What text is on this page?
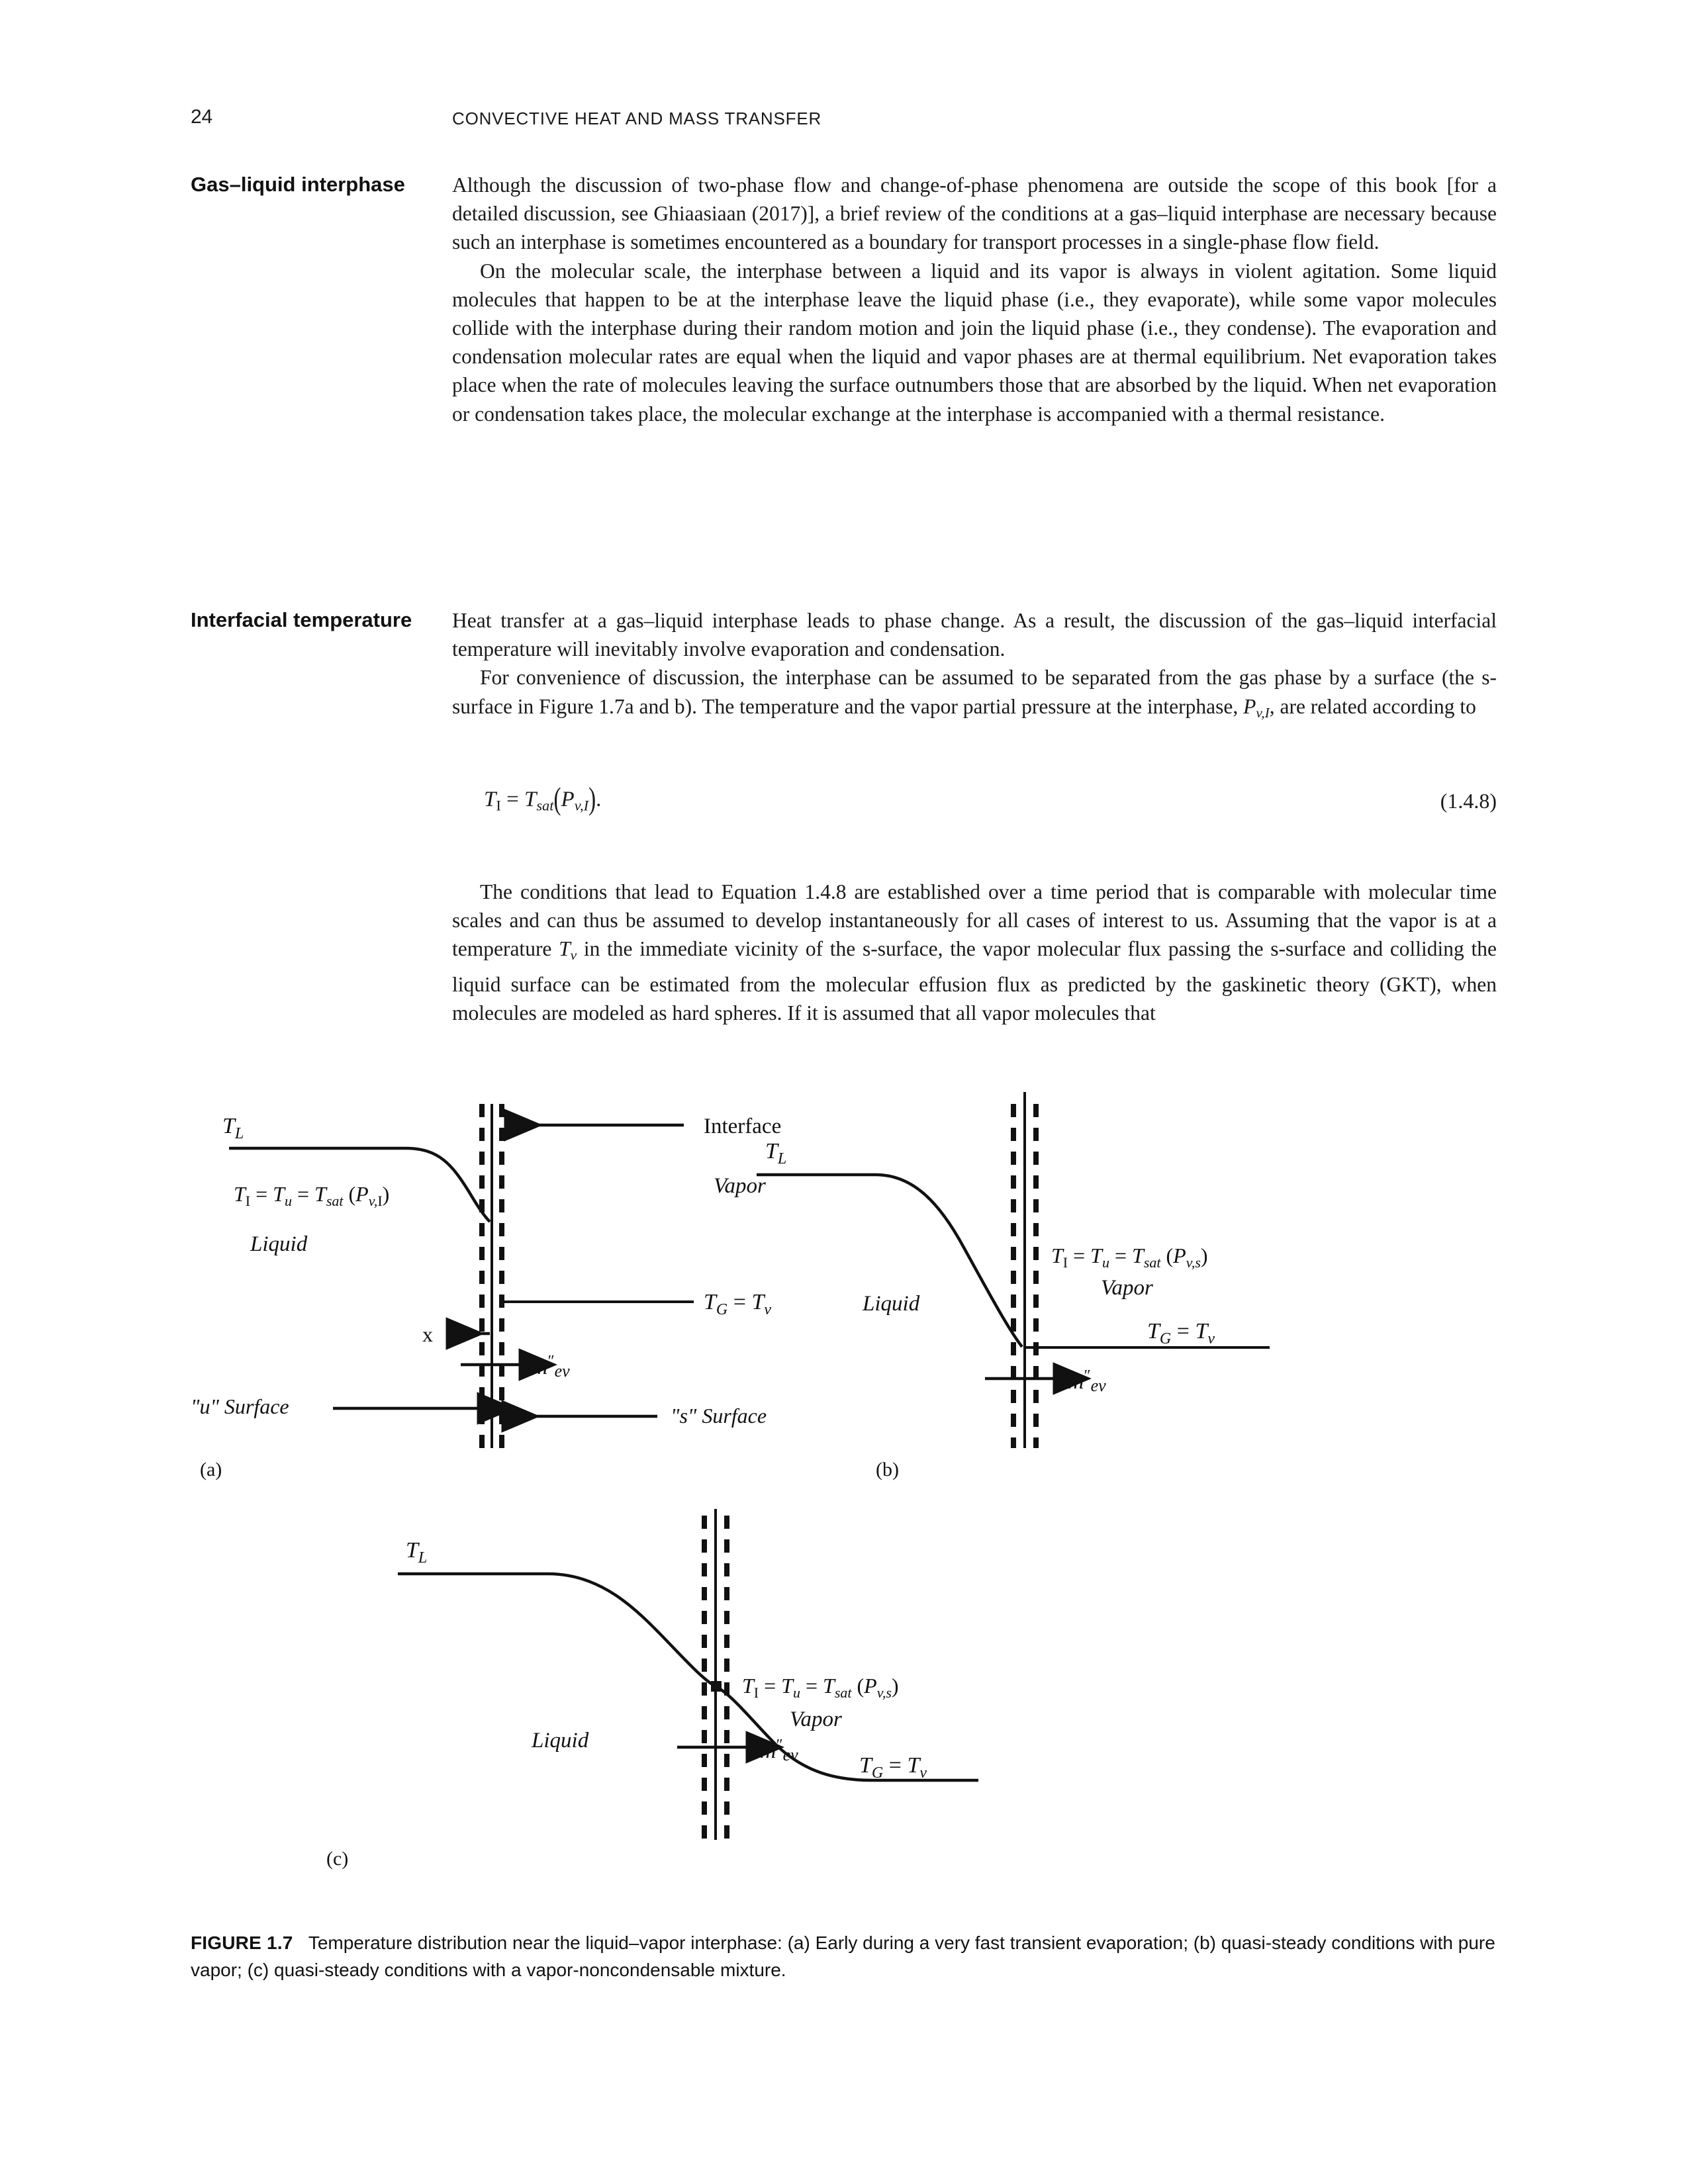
24	CONVECTIVE HEAT AND MASS TRANSFER
Gas–liquid interphase
Interfacial temperature

Although the discussion of two-phase flow and change-of-phase phenomena are outside the scope of this book [for a detailed discussion, see Ghiaasiaan (2017)], a brief review of the conditions at a gas–liquid interphase are necessary because such an interphase is sometimes encountered as a boundary for transport processes in a single-phase flow field.

On the molecular scale, the interphase between a liquid and its vapor is always in violent agitation. Some liquid molecules that happen to be at the interphase leave the liquid phase (i.e., they evaporate), while some vapor molecules collide with the interphase during their random motion and join the liquid phase (i.e., they condense). The evaporation and condensation molecular rates are equal when the liquid and vapor phases are at thermal equilibrium. Net evaporation takes place when the rate of molecules leaving the surface outnumbers those that are absorbed by the liquid. When net evaporation or condensation takes place, the molecular exchange at the interphase is accompanied with a thermal resistance.

Heat transfer at a gas–liquid interphase leads to phase change. As a result, the discussion of the gas–liquid interfacial temperature will inevitably involve evaporation and condensation.

For convenience of discussion, the interphase can be assumed to be separated from the gas phase by a surface (the s-surface in Figure 1.7a and b). The temperature and the vapor partial pressure at the interphase, $P_{v,I}$, are related according to

TI = $T_{sat}(P_{v,I})$.	(1.4.8)

The conditions that lead to Equation 1.4.8 are established over a time period that is comparable with molecular time scales and can thus be assumed to develop instantaneously for all cases of interest to us. Assuming that the vapor is at a temperature $T_v$ in the immediate vicinity of the s-surface, the vapor molecular flux passing the s-surface and colliding the liquid surface can be estimated from the molecular effusion flux as predicted by the gaskinetic theory (GKT), when molecules are modeled as hard spheres. If it is assumed that all vapor molecules that

$T_L$	Interface
Vapor
$T_I = T_u = T_{sat}$ $(P_{v,}I)$
Liquid
$T_G = T_v$
x
$m''_{ev}$
"u" Surface	"s" Surface
(a)
$T_L$
$T_I = T_u = T_{sat}$ $(P_{v,s})$
Vapor
Liquid
$T_G = T_v$
$m''_{ev}$
(b)
$T_L$
$T_I = T_u = T_{sat}$ $(P_{v,s})$
Vapor
Liquid
$T_G = T_v$
$m''_{ev}$
(c)
FIGURE 1.7 Temperature distribution near the liquid–vapor interphase: (a) Early during a very fast transient evaporation; (b) quasi-steady conditions with pure vapor; (c) quasi-steady conditions with a vapor-noncondensable mixture.
